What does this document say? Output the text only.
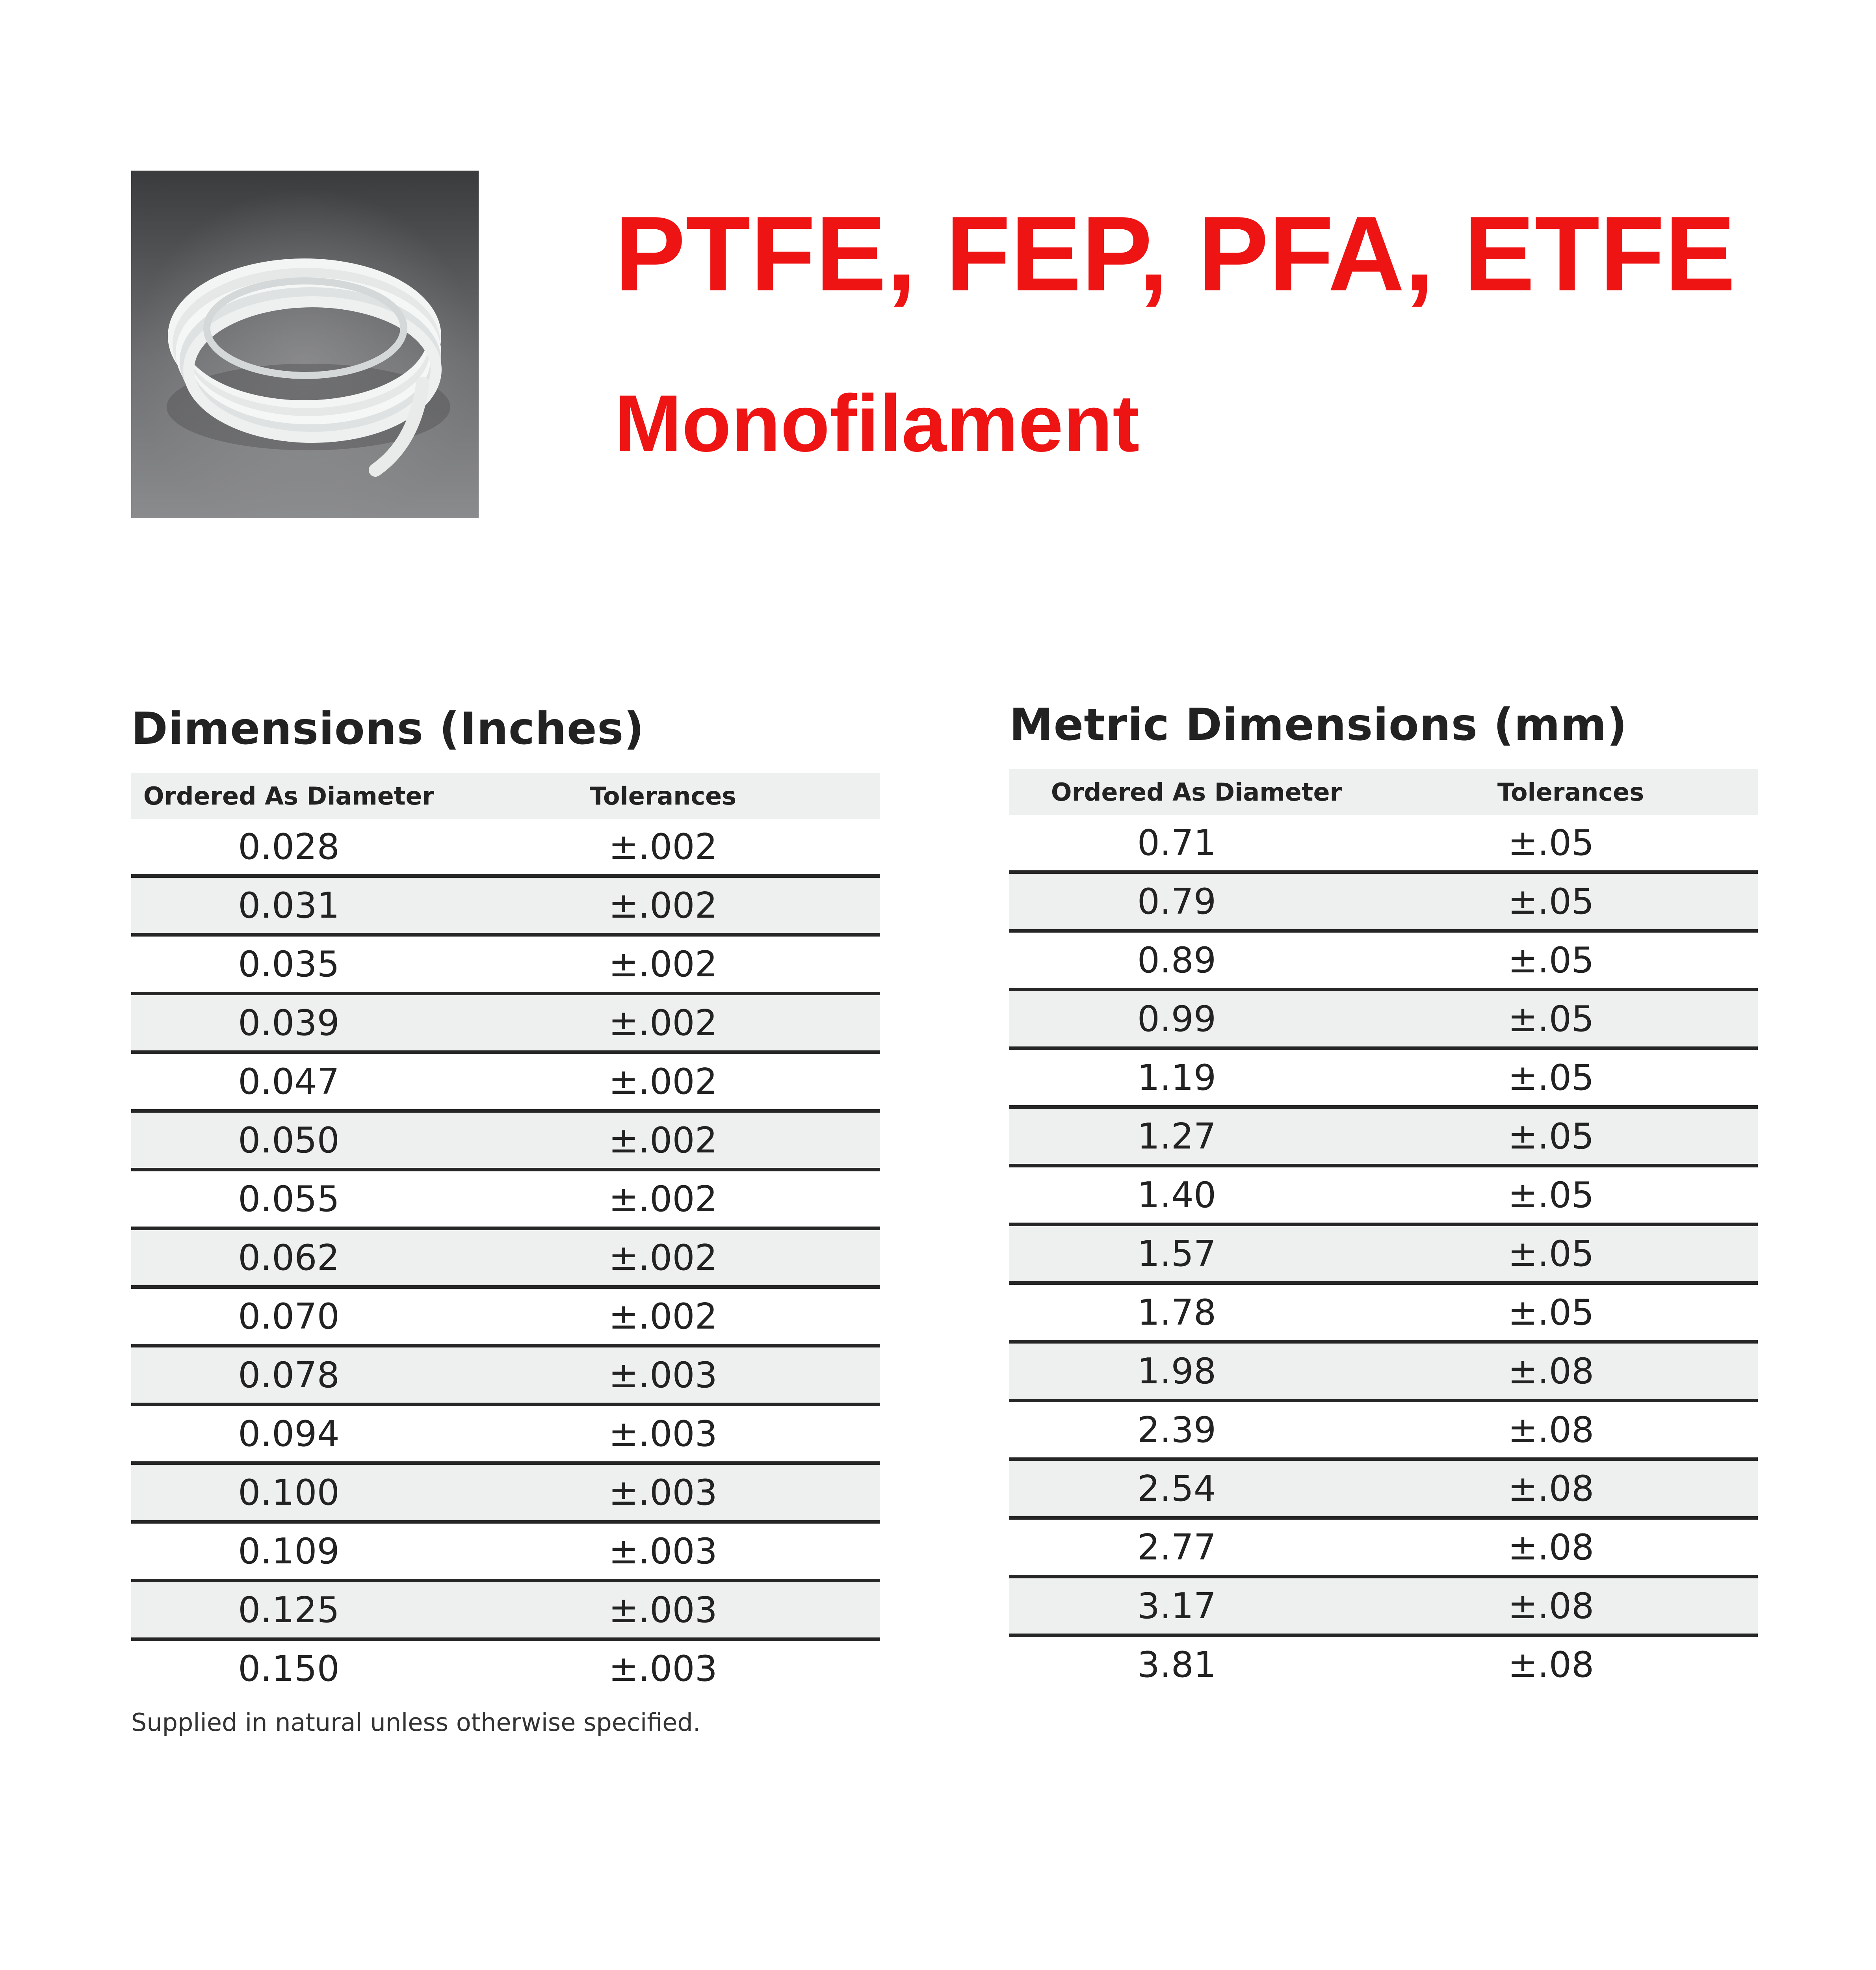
PTFE, FEP, PFA, ETFE
Monofilament
Dimensions (Inches)
Ordered As Diameter	Tolerances
0.028	±.002
0.031	±.002
0.035	±.002
0.039	±.002
0.047	±.002
0.050	±.002
0.055	±.002
0.062	±.002
0.070	±.002
0.078	±.003
0.094	±.003
0.100	±.003
0.109	±.003
0.125	±.003
0.150	±.003
Metric Dimensions (mm)
Ordered As Diameter	Tolerances
0.71	±.05
0.79	±.05
0.89	±.05
0.99	±.05
1.19	±.05
1.27	±.05
1.40	±.05
1.57	±.05
1.78	±.05
1.98	±.08
2.39	±.08
2.54	±.08
2.77	±.08
3.17	±.08
3.81	±.08
Supplied in natural unless otherwise specified.
